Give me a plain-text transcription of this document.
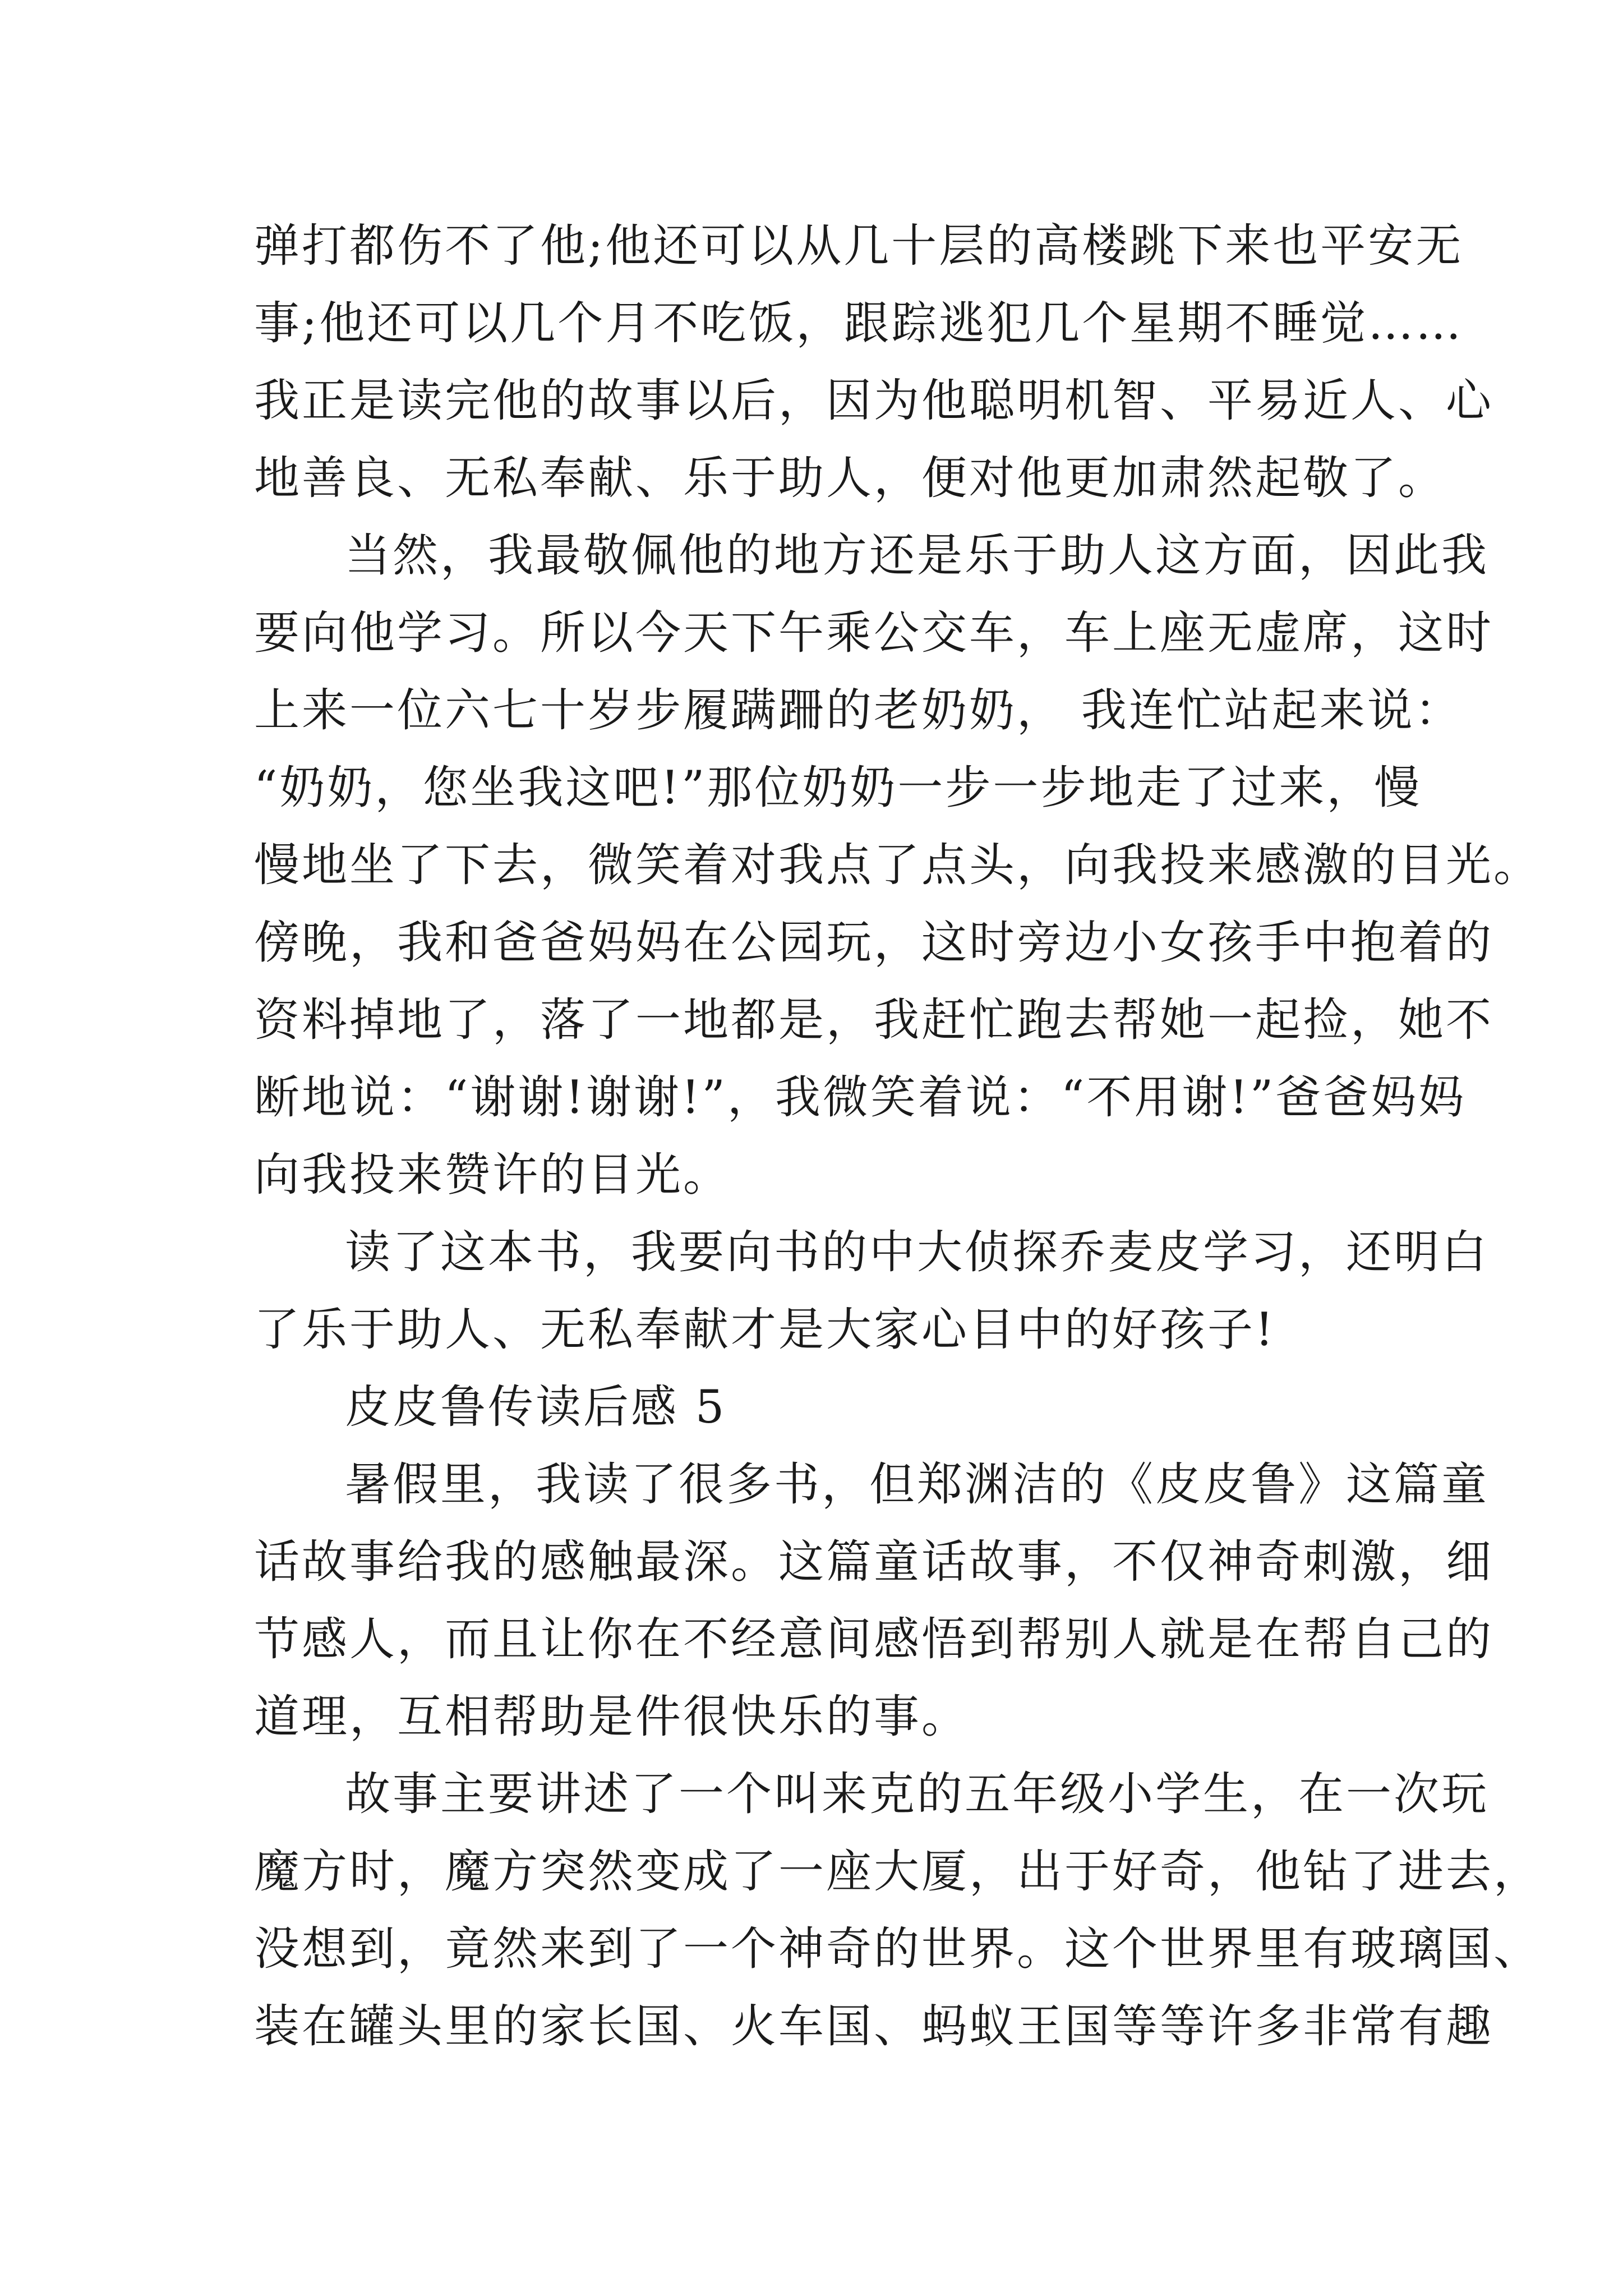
弹打都伤不了他;他还可以从几十层的高楼跳下来也平安无
事;他还可以几个月不吃饭，跟踪逃犯几个星期不睡觉……
我正是读完他的故事以后，因为他聪明机智、平易近人、心
地善良、无私奉献、乐于助人，便对他更加肃然起敬了。
当然，我最敬佩他的地方还是乐于助人这方面，因此我
要向他学习。所以今天下午乘公交车，车上座无虚席，这时
上来一位六七十岁步履蹒跚的老奶奶， 我连忙站起来说：
“奶奶，您坐我这吧!”那位奶奶一步一步地走了过来，慢
慢地坐了下去，微笑着对我点了点头，向我投来感激的目光。
傍晚，我和爸爸妈妈在公园玩，这时旁边小女孩手中抱着的
资料掉地了，落了一地都是，我赶忙跑去帮她一起捡，她不
断地说：“谢谢!谢谢!”，我微笑着说：“不用谢!”爸爸妈妈
向我投来赞许的目光。
读了这本书，我要向书的中大侦探乔麦皮学习，还明白
了乐于助人、无私奉献才是大家心目中的好孩子!
皮皮鲁传读后感 5
暑假里，我读了很多书，但郑渊洁的《皮皮鲁》这篇童
话故事给我的感触最深。这篇童话故事，不仅神奇刺激，细
节感人，而且让你在不经意间感悟到帮别人就是在帮自己的
道理，互相帮助是件很快乐的事。
故事主要讲述了一个叫来克的五年级小学生，在一次玩
魔方时，魔方突然变成了一座大厦，出于好奇，他钻了进去，
没想到，竟然来到了一个神奇的世界。这个世界里有玻璃国、
装在罐头里的家长国、火车国、蚂蚁王国等等许多非常有趣
